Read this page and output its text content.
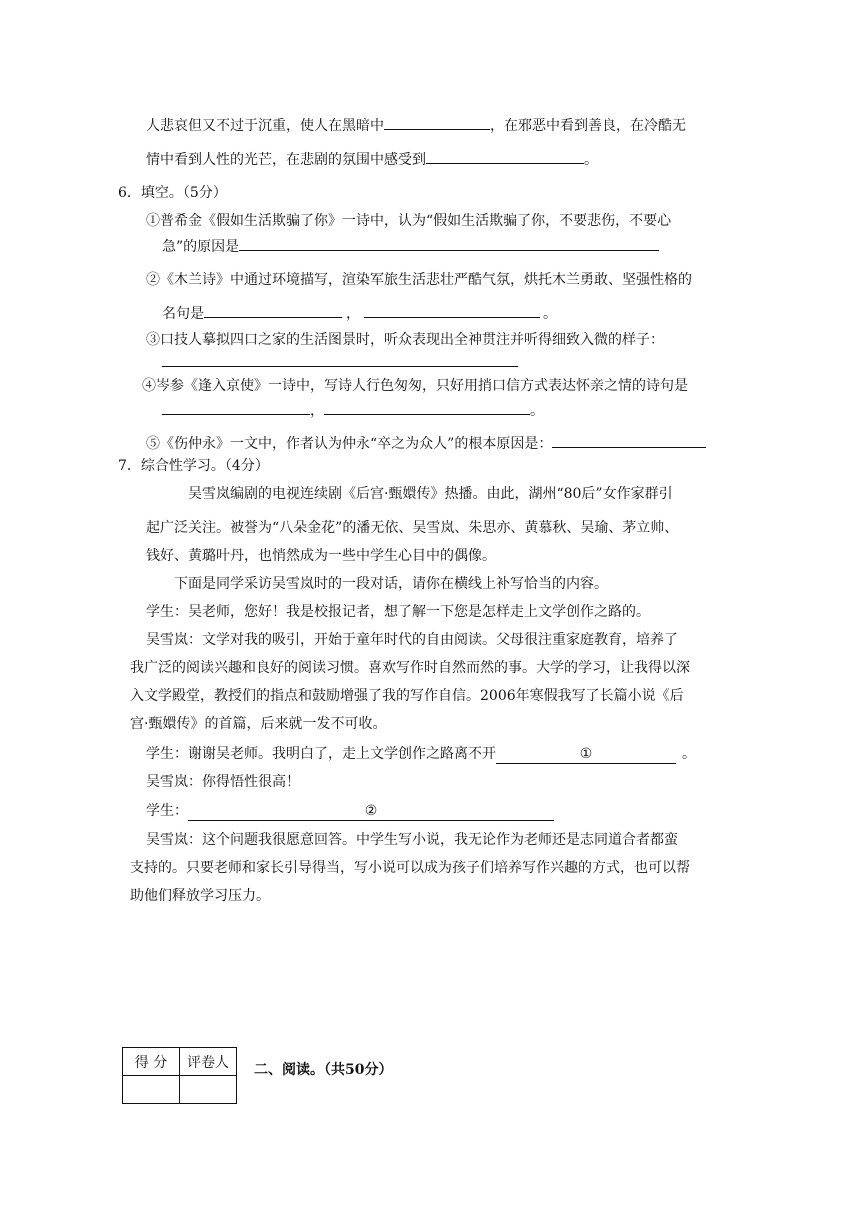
人悲哀但又不过于沉重，使人在黑暗中	，在邪恶中看到善良，在冷酷无
情中看到人性的光芒，在悲剧的氛围中感受到	。
6．填空。（5分）
①普希金《假如生活欺骗了你》一诗中，认为“假如生活欺骗了你，不要悲伤，不要心
急”的原因是
②《木兰诗》中通过环境描写，渲染军旅生活悲壮严酷气氛，烘托木兰勇敢、坚强性格的
名句是	，	。
③口技人摹拟四口之家的生活图景时，听众表现出全神贯注并听得细致入微的样子：
④岑参《逢入京使》一诗中，写诗人行色匆匆，只好用捎口信方式表达怀亲之情的诗句是
，	。
⑤《伤仲永》一文中，作者认为仲永“卒之为众人”的根本原因是：
7．综合性学习。（4分）
吴雪岚编剧的电视连续剧《后宫·甄嬛传》热播。由此，湖州“80后”女作家群引
起广泛关注。被誉为“八朵金花”的潘无依、吴雪岚、朱思亦、黄慕秋、吴瑜、茅立帅、
钱好、黄璐叶丹，也悄然成为一些中学生心目中的偶像。
下面是同学采访吴雪岚时的一段对话，请你在横线上补写恰当的内容。
学生：吴老师，您好！我是校报记者，想了解一下您是怎样走上文学创作之路的。
吴雪岚：文学对我的吸引，开始于童年时代的自由阅读。父母很注重家庭教育，培养了
我广泛的阅读兴趣和良好的阅读习惯。喜欢写作时自然而然的事。大学的学习，让我得以深
入文学殿堂，教授们的指点和鼓励增强了我的写作自信。2006年寒假我写了长篇小说《后
宫·甄嬛传》的首篇，后来就一发不可收。
学生：谢谢吴老师。我明白了，走上文学创作之路离不开	①	。
吴雪岚：你得悟性很高！
学生：	②
吴雪岚：这个问题我很愿意回答。中学生写小说，我无论作为老师还是志同道合者都蛮
支持的。只要老师和家长引导得当，写小说可以成为孩子们培养写作兴趣的方式，也可以帮
助他们释放学习压力。
得 分	评卷人
	二、阅读。（共50分）
